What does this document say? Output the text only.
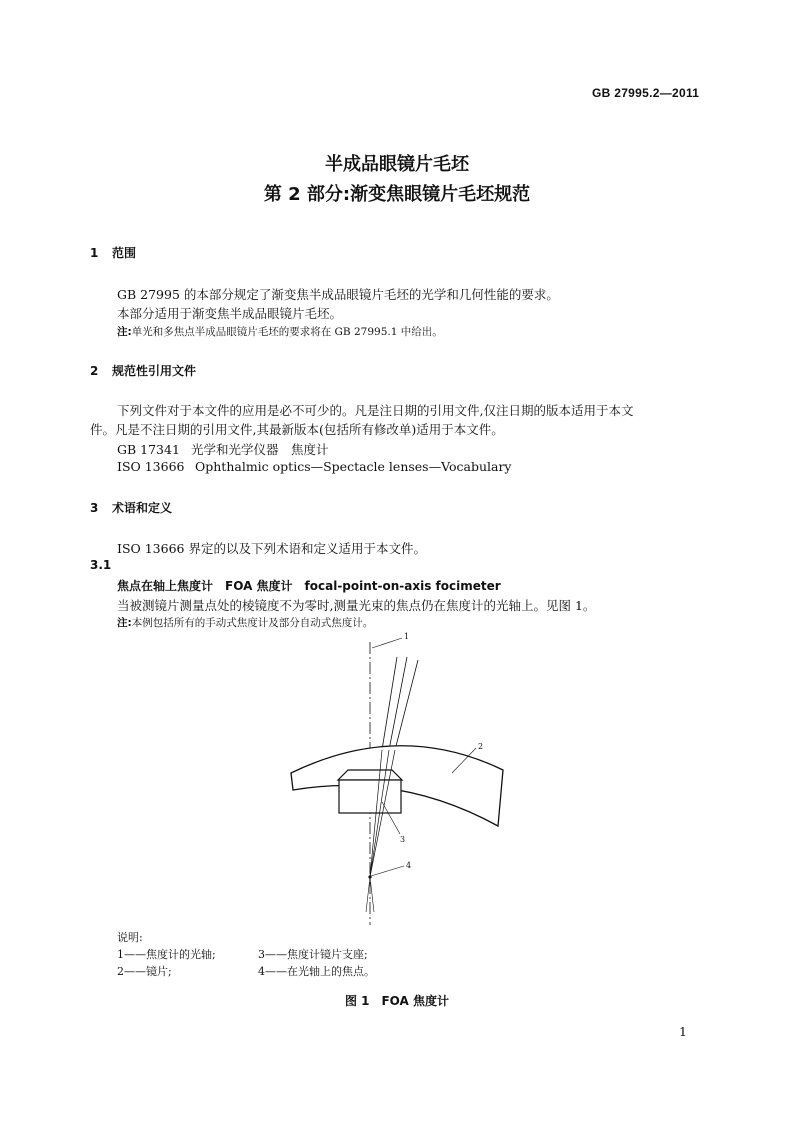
GB 27995.2—2011
半成品眼镜片毛坯
第 2 部分:渐变焦眼镜片毛坯规范
1 范围
GB 27995 的本部分规定了渐变焦半成品眼镜片毛坯的光学和几何性能的要求。
本部分适用于渐变焦半成品眼镜片毛坯。
注:单光和多焦点半成品眼镜片毛坯的要求将在 GB 27995.1 中给出。
2 规范性引用文件
下列文件对于本文件的应用是必不可少的。凡是注日期的引用文件,仅注日期的版本适用于本文
件。凡是不注日期的引用文件,其最新版本(包括所有修改单)适用于本文件。
GB 17341 光学和光学仪器　焦度计
ISO 13666 Ophthalmic optics—Spectacle lenses—Vocabulary
3 术语和定义
ISO 13666 界定的以及下列术语和定义适用于本文件。
3.1
焦点在轴上焦度计　FOA 焦度计　focal-point-on-axis focimeter
当被测镜片测量点处的棱镜度不为零时,测量光束的焦点仍在焦度计的光轴上。见图 1。
注:本例包括所有的手动式焦度计及部分自动式焦度计。
1
2
3
4
说明:
1——焦度计的光轴;	3——焦度计镜片支座;
2——镜片;	4——在光轴上的焦点。
图 1　FOA 焦度计
1
